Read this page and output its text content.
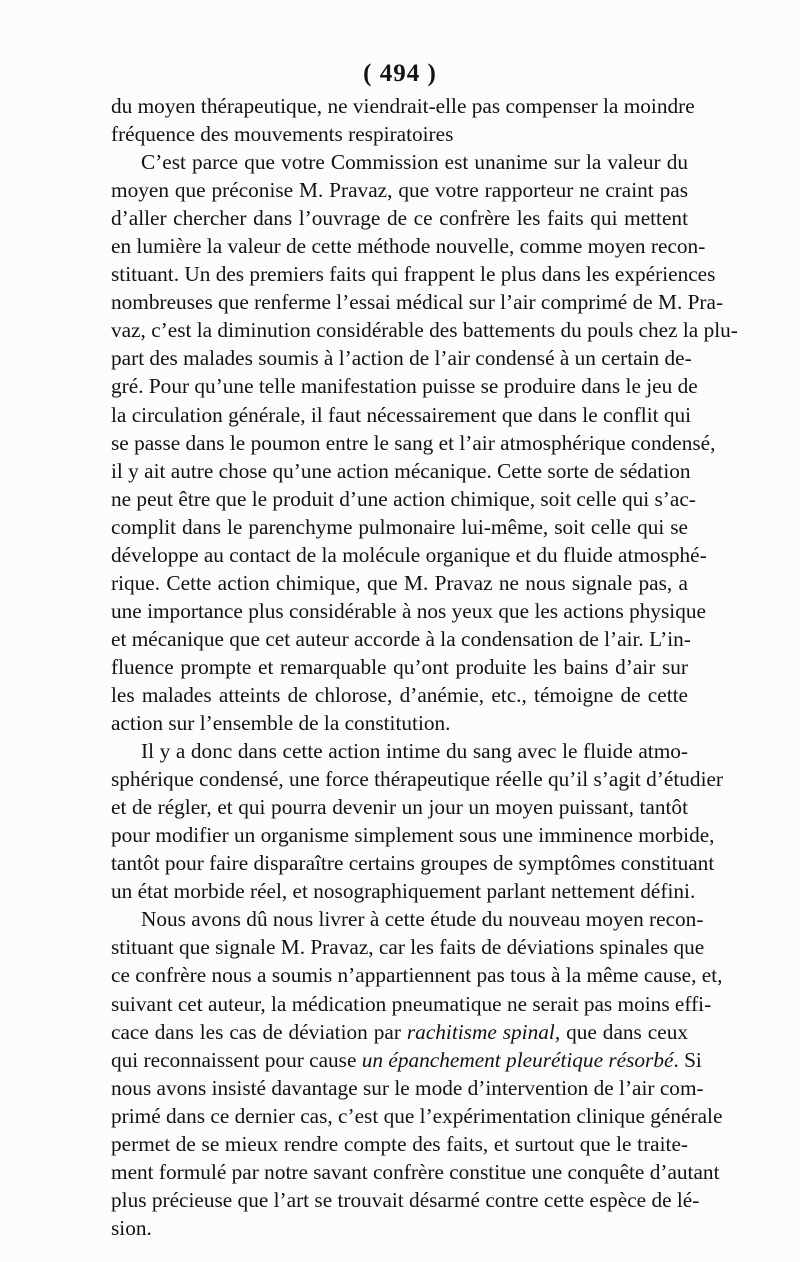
( 494 )
du moyen thérapeutique, ne viendrait-elle pas compenser la moindre
fréquence des mouvements respiratoires
C’est parce que votre Commission est unanime sur la valeur du
moyen que préconise M. Pravaz, que votre rapporteur ne craint pas
d’aller chercher dans l’ouvrage de ce confrère les faits qui mettent
en lumière la valeur de cette méthode nouvelle, comme moyen recon-
stituant. Un des premiers faits qui frappent le plus dans les expériences
nombreuses que renferme l’essai médical sur l’air comprimé de M. Pra-
vaz, c’est la diminution considérable des battements du pouls chez la plu-
part des malades soumis à l’action de l’air condensé à un certain de-
gré. Pour qu’une telle manifestation puisse se produire dans le jeu de
la circulation générale, il faut nécessairement que dans le conflit qui
se passe dans le poumon entre le sang et l’air atmosphérique condensé,
il y ait autre chose qu’une action mécanique. Cette sorte de sédation
ne peut être que le produit d’une action chimique, soit celle qui s’ac-
complit dans le parenchyme pulmonaire lui-même, soit celle qui se
développe au contact de la molécule organique et du fluide atmosphé-
rique. Cette action chimique, que M. Pravaz ne nous signale pas, a
une importance plus considérable à nos yeux que les actions physique
et mécanique que cet auteur accorde à la condensation de l’air. L’in-
fluence prompte et remarquable qu’ont produite les bains d’air sur
les malades atteints de chlorose, d’anémie, etc., témoigne de cette
action sur l’ensemble de la constitution.
Il y a donc dans cette action intime du sang avec le fluide atmo-
sphérique condensé, une force thérapeutique réelle qu’il s’agit d’étudier
et de régler, et qui pourra devenir un jour un moyen puissant, tantôt
pour modifier un organisme simplement sous une imminence morbide,
tantôt pour faire disparaître certains groupes de symptômes constituant
un état morbide réel, et nosographiquement parlant nettement défini.
Nous avons dû nous livrer à cette étude du nouveau moyen recon-
stituant que signale M. Pravaz, car les faits de déviations spinales que
ce confrère nous a soumis n’appartiennent pas tous à la même cause, et,
suivant cet auteur, la médication pneumatique ne serait pas moins effi-
cace dans les cas de déviation par rachitisme spinal, que dans ceux
qui reconnaissent pour cause un épanchement pleurétique résorbé. Si
nous avons insisté davantage sur le mode d’intervention de l’air com-
primé dans ce dernier cas, c’est que l’expérimentation clinique générale
permet de se mieux rendre compte des faits, et surtout que le traite-
ment formulé par notre savant confrère constitue une conquête d’autant
plus précieuse que l’art se trouvait désarmé contre cette espèce de lé-
sion.
